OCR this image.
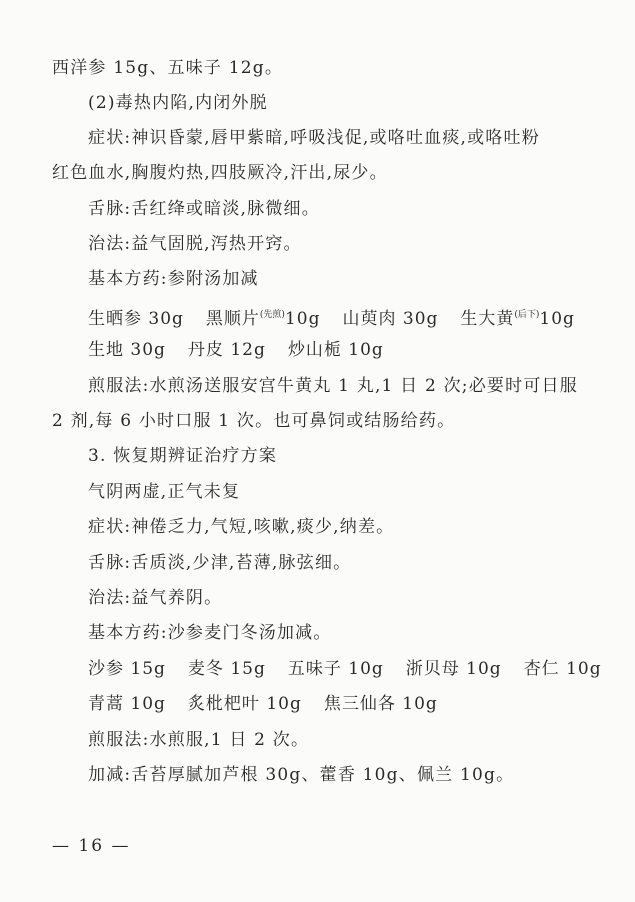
西洋参 15g、五味子 12g。
(2)毒热内陷,内闭外脱
症状:神识昏蒙,唇甲紫暗,呼吸浅促,或咯吐血痰,或咯吐粉
红色血水,胸腹灼热,四肢厥冷,汗出,尿少。
舌脉:舌红绛或暗淡,脉微细。
治法:益气固脱,泻热开窍。
基本方药:参附汤加减
生晒参 30g 黑顺片$^{(先煎)}$10g 山萸肉 30g 生大黄$^{(后下)}$10g
生地 30g 丹皮 12g 炒山栀 10g
煎服法:水煎汤送服安宫牛黄丸 1 丸,1 日 2 次;必要时可日服
2 剂,每 6 小时口服 1 次。也可鼻饲或结肠给药。
3. 恢复期辨证治疗方案
气阴两虚,正气未复
症状:神倦乏力,气短,咳嗽,痰少,纳差。
舌脉:舌质淡,少津,苔薄,脉弦细。
治法:益气养阴。
基本方药:沙参麦门冬汤加减。
沙参 15g 麦冬 15g 五味子 10g 浙贝母 10g 杏仁 10g
青蒿 10g 炙枇杷叶 10g 焦三仙各 10g
煎服法:水煎服,1 日 2 次。
加减:舌苔厚腻加芦根 30g、藿香 10g、佩兰 10g。
— 16 —
